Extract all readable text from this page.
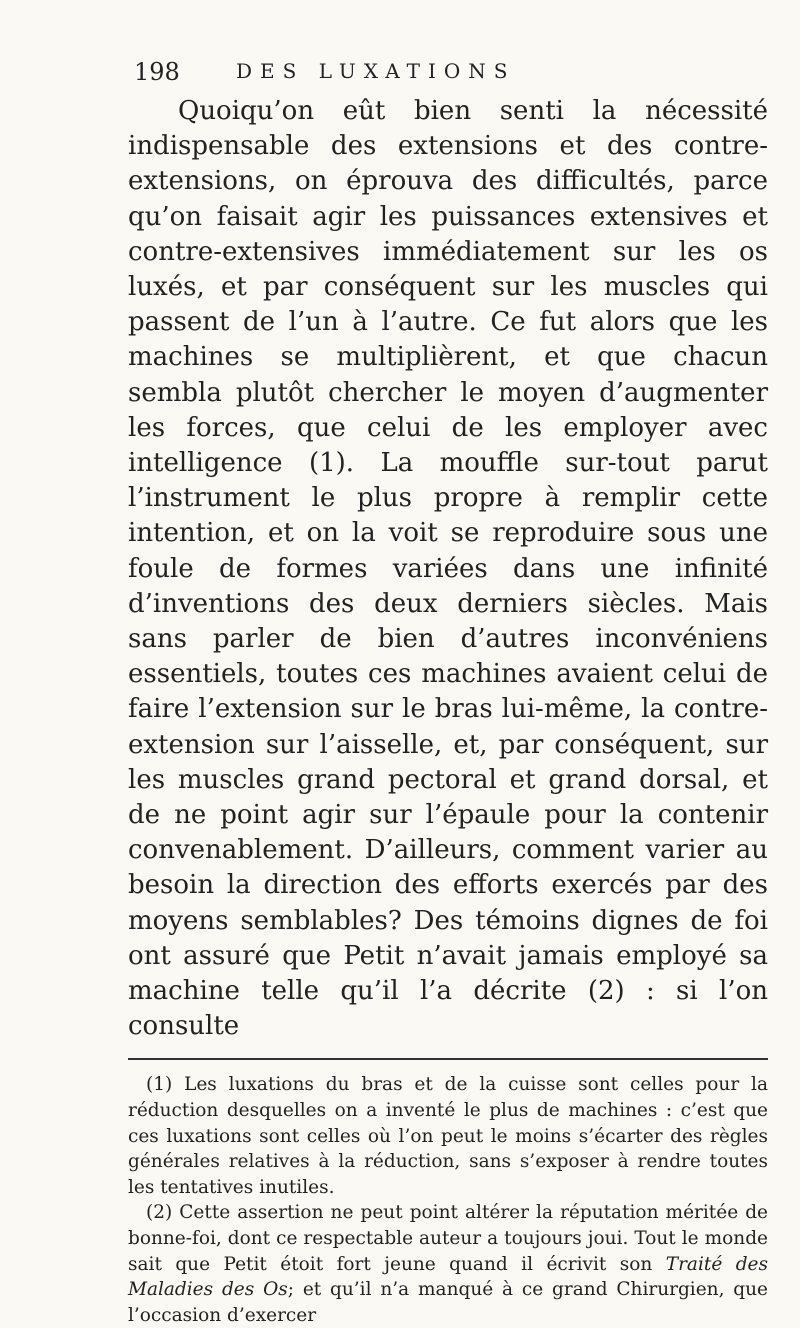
198	DES LUXATIONS

Quoiqu’on eût bien senti la nécessité indispensable des extensions et des contre-extensions, on éprouva des difficultés, parce qu’on faisait agir les puissances extensives et contre-extensives immédiatement sur les os luxés, et par conséquent sur les muscles qui passent de l’un à l’autre. Ce fut alors que les machines se multiplièrent, et que chacun sembla plutôt chercher le moyen d’augmenter les forces, que celui de les employer avec intelligence (1). La mouffle sur-tout parut l’instrument le plus propre à remplir cette intention, et on la voit se reproduire sous une foule de formes variées dans une infinité d’inventions des deux derniers siècles. Mais sans parler de bien d’autres inconvéniens essentiels, toutes ces machines avaient celui de faire l’extension sur le bras lui-même, la contre-extension sur l’aisselle, et, par conséquent, sur les muscles grand pectoral et grand dorsal, et de ne point agir sur l’épaule pour la contenir convenablement. D’ailleurs, comment varier au besoin la direction des efforts exercés par des moyens semblables? Des témoins dignes de foi ont assuré que Petit n’avait jamais employé sa machine telle qu’il l’a décrite (2) : si l’on consulte

(1) Les luxations du bras et de la cuisse sont celles pour la réduction desquelles on a inventé le plus de machines : c’est que ces luxations sont celles où l’on peut le moins s’écarter des règles générales relatives à la réduction, sans s’exposer à rendre toutes les tentatives inutiles.

(2) Cette assertion ne peut point altérer la réputation méritée de bonne-foi, dont ce respectable auteur a toujours joui. Tout le monde sait que Petit étoit fort jeune quand il écrivit son Traité des Maladies des Os; et qu’il n’a manqué à ce grand Chirurgien, que l’occasion d’exercer
